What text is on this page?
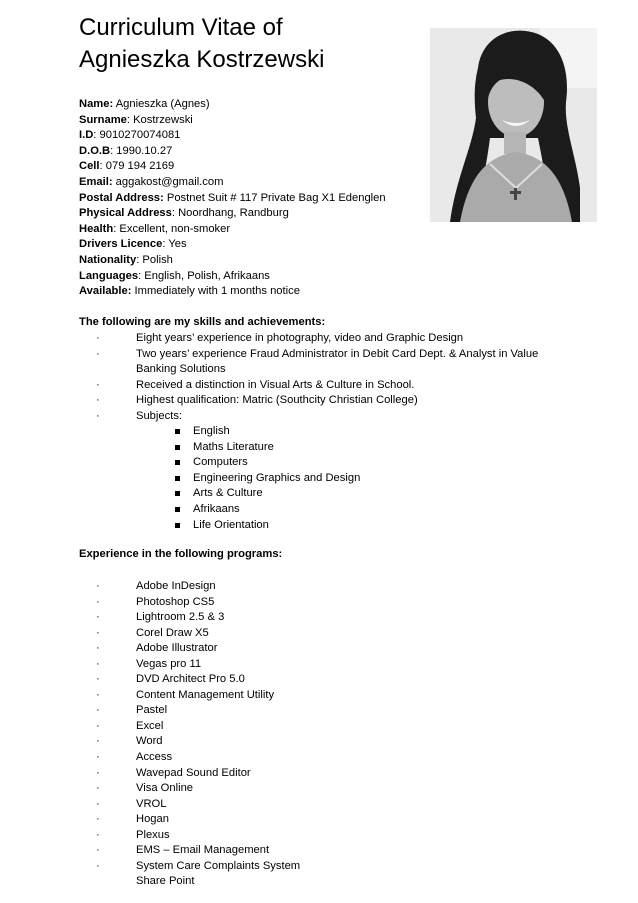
Curriculum Vitae of
Agnieszka Kostrzewski
Name: Agnieszka (Agnes)
Surname: Kostrzewski
I.D: 9010270074081
D.O.B: 1990.10.27
Cell: 079 194 2169
Email: aggakost@gmail.com
Postal Address: Postnet Suit # 117 Private Bag X1 Edenglen
Physical Address: Noordhang, Randburg
Health: Excellent, non-smoker
Drivers Licence: Yes
Nationality: Polish
Languages: English, Polish, Afrikaans
Available: Immediately with 1 months notice
The following are my skills and achievements:
·	Eight years’ experience in photography, video and Graphic Design
·	Two years’ experience Fraud Administrator in Debit Card Dept. & Analyst in Value Banking Solutions
·	Received a distinction in Visual Arts & Culture in School.
·	Highest qualification: Matric (Southcity Christian College)
·	Subjects:
English
Maths Literature
Computers
Engineering Graphics and Design
Arts & Culture
Afrikaans
Life Orientation
Experience in the following programs:
·	Adobe InDesign
·	Photoshop CS5
·	Lightroom 2.5 & 3
·	Corel Draw X5
·	Adobe Illustrator
·	Vegas pro 11
·	DVD Architect Pro 5.0
·	Content Management Utility
·	Pastel
·	Excel
·	Word
·	Access
·	Wavepad Sound Editor
·	Visa Online
·	VROL
·	Hogan
·	Plexus
·	EMS – Email Management
·	System Care Complaints System
Share Point
